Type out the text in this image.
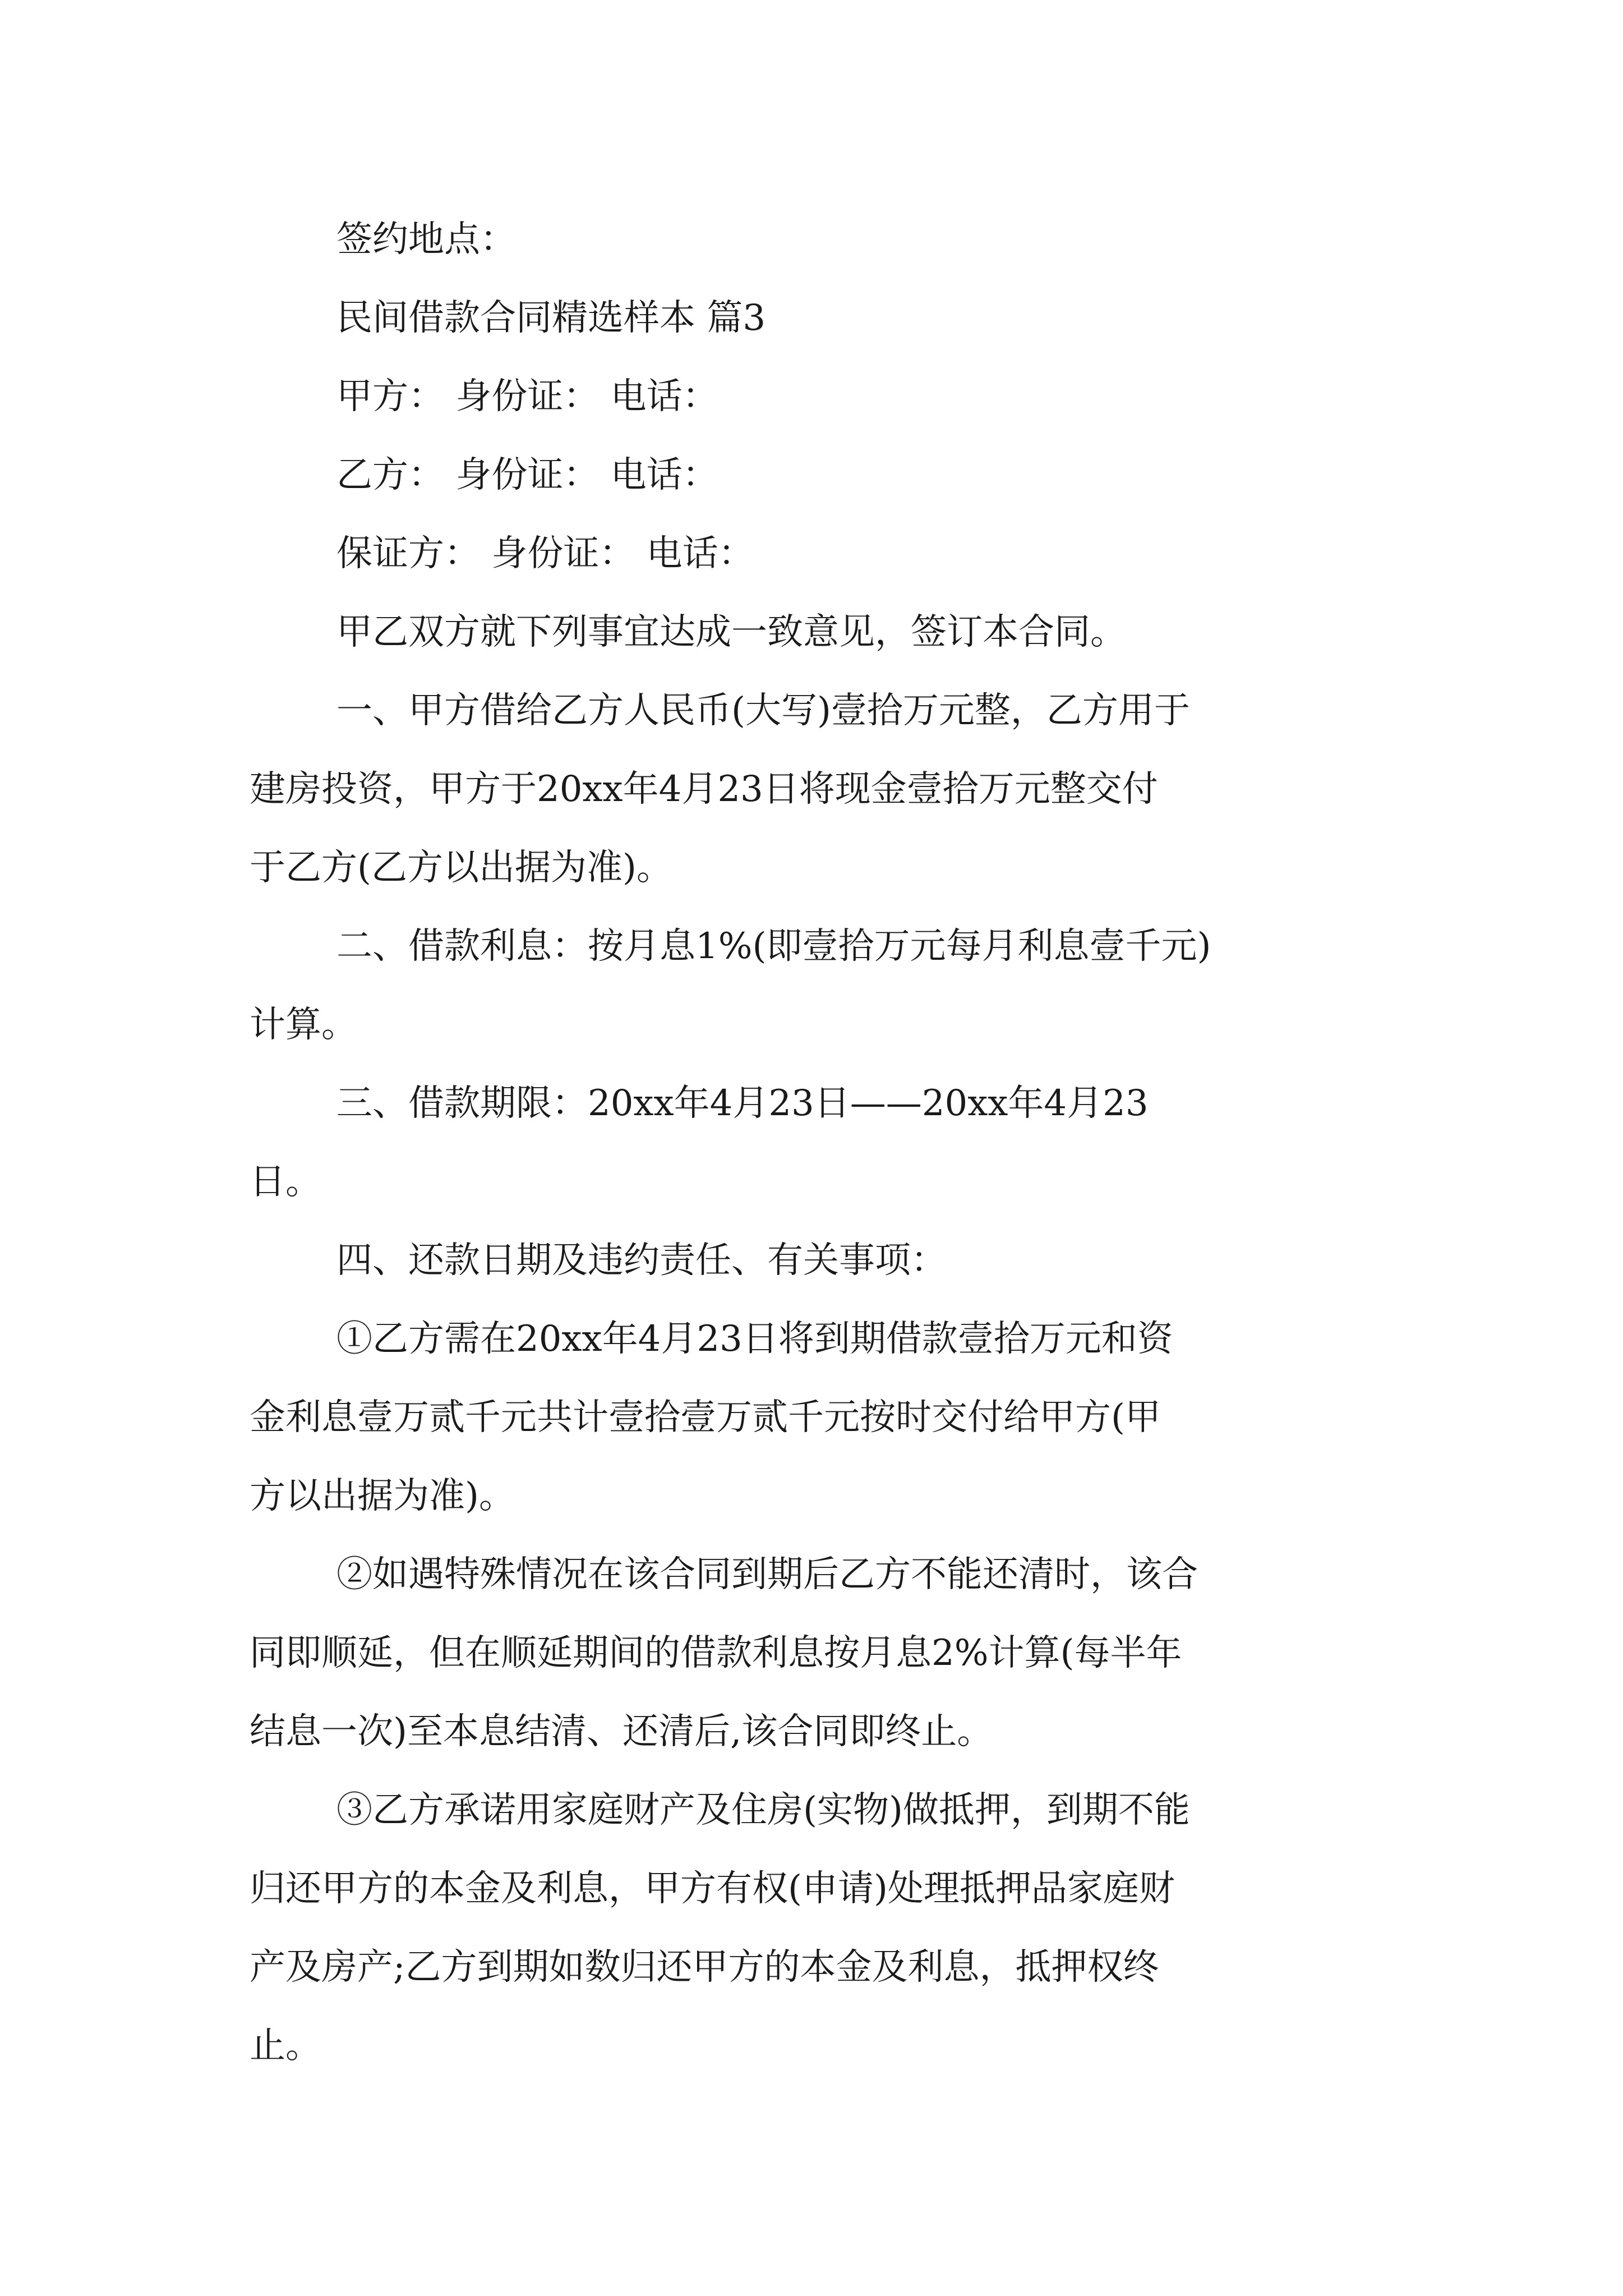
签约地点：
民间借款合同精选样本 篇3
甲方： 身份证： 电话：
乙方： 身份证： 电话：
保证方： 身份证： 电话：
甲乙双方就下列事宜达成一致意见，签订本合同。
一、甲方借给乙方人民币(大写)壹拾万元整，乙方用于
建房投资，甲方于20xx年4月23日将现金壹拾万元整交付
于乙方(乙方以出据为准)。
二、借款利息：按月息1%(即壹拾万元每月利息壹千元)
计算。
三、借款期限：20xx年4月23日——20xx年4月23
日。
四、还款日期及违约责任、有关事项：
①乙方需在20xx年4月23日将到期借款壹拾万元和资
金利息壹万贰千元共计壹拾壹万贰千元按时交付给甲方(甲
方以出据为准)。
②如遇特殊情况在该合同到期后乙方不能还清时，该合
同即顺延，但在顺延期间的借款利息按月息2%计算(每半年
结息一次)至本息结清、还清后,该合同即终止。
③乙方承诺用家庭财产及住房(实物)做抵押，到期不能
归还甲方的本金及利息，甲方有权(申请)处理抵押品家庭财
产及房产;乙方到期如数归还甲方的本金及利息，抵押权终
止。
